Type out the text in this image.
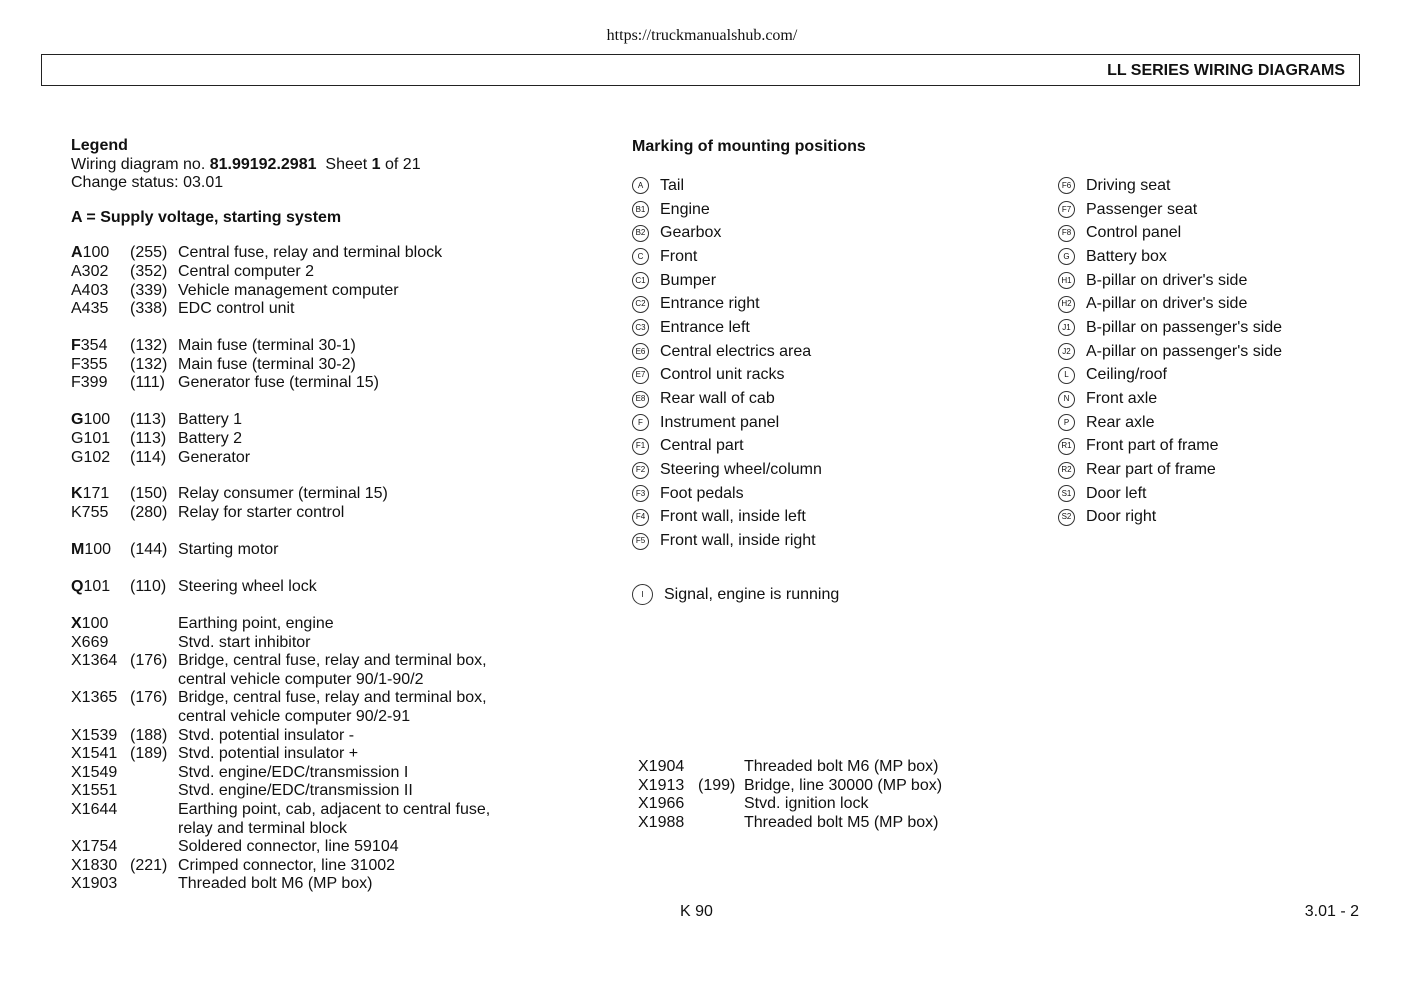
https://truckmanualshub.com/
LL SERIES WIRING DIAGRAMS
Legend
Wiring diagram no. 81.99192.2981 Sheet 1 of 21
Change status: 03.01
A = Supply voltage, starting system
A100	(255) Central fuse, relay and terminal block
A302	(352) Central computer 2
A403	(339) Vehicle management computer
A435	(338) EDC control unit
F354	(132) Main fuse (terminal 30-1)
F355	(132) Main fuse (terminal 30-2)
F399	(111) Generator fuse (terminal 15)
G100	(113) Battery 1
G101	(113) Battery 2
G102	(114) Generator
K171	(150) Relay consumer (terminal 15)
K755	(280) Relay for starter control
M100	(144) Starting motor
Q101	(110) Steering wheel lock
X100	Earthing point, engine
X669	Stvd. start inhibitor
X1364 (176) Bridge, central fuse, relay and terminal box,
central vehicle computer 90/1-90/2
X1365 (176) Bridge, central fuse, relay and terminal box,
central vehicle computer 90/2-91
X1539 (188) Stvd. potential insulator -
X1541 (189) Stvd. potential insulator +
X1549	Stvd. engine/EDC/transmission I
X1551	Stvd. engine/EDC/transmission II
X1644	Earthing point, cab, adjacent to central fuse,
relay and terminal block
X1754	Soldered connector, line 59104
X1830 (221) Crimped connector, line 31002
X1903	Threaded bolt M6 (MP box)
Marking of mounting positions
A	Tail
B1 Engine
B2 Gearbox
C	Front
C1 Bumper
C2 Entrance right
C3 Entrance left
E6 Central electrics area
E7 Control unit racks
E8 Rear wall of cab
F	Instrument panel
F1 Central part
F2 Steering wheel/column
F3 Foot pedals
F4 Front wall, inside left
F5 Front wall, inside right
F6 Driving seat
F7 Passenger seat
F8 Control panel
G	Battery box
H1 B-pillar on driver's side
H2 A-pillar on driver's side
J1 B-pillar on passenger's side
J2 A-pillar on passenger's side
L	Ceiling/roof
N	Front axle
P	Rear axle
R1 Front part of frame
R2 Rear part of frame
S1 Door left
S2 Door right
I	Signal, engine is running
X1904	Threaded bolt M6 (MP box)
X1913 (199) Bridge, line 30000 (MP box)
X1966	Stvd. ignition lock
X1988	Threaded bolt M5 (MP box)
K 90	3.01 - 2
